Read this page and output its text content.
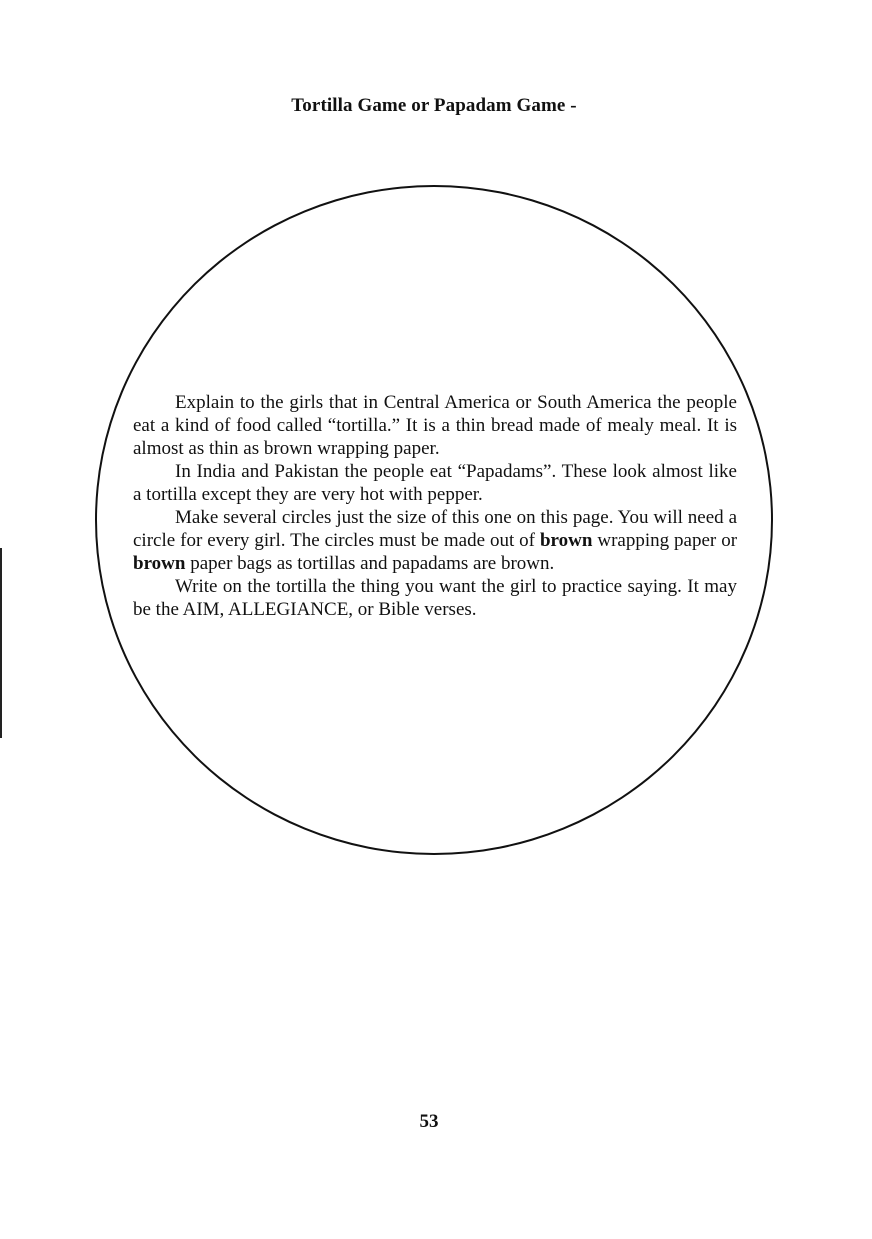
Tortilla Game or Papadam Game -

Explain to the girls that in Central America or South America the people eat a kind of food called “tortilla.” It is a thin bread made of mealy meal. It is almost as thin as brown wrapping paper.

In India and Pakistan the people eat “Papadams”. These look almost like a tortilla except they are very hot with pepper.

Make several circles just the size of this one on this page. You will need a circle for every girl. The circles must be made out of brown wrapping paper or brown paper bags as tortillas and papadams are brown.

Write on the tortilla the thing you want the girl to practice saying. It may be the AIM, ALLEGIANCE, or Bible verses.

53
